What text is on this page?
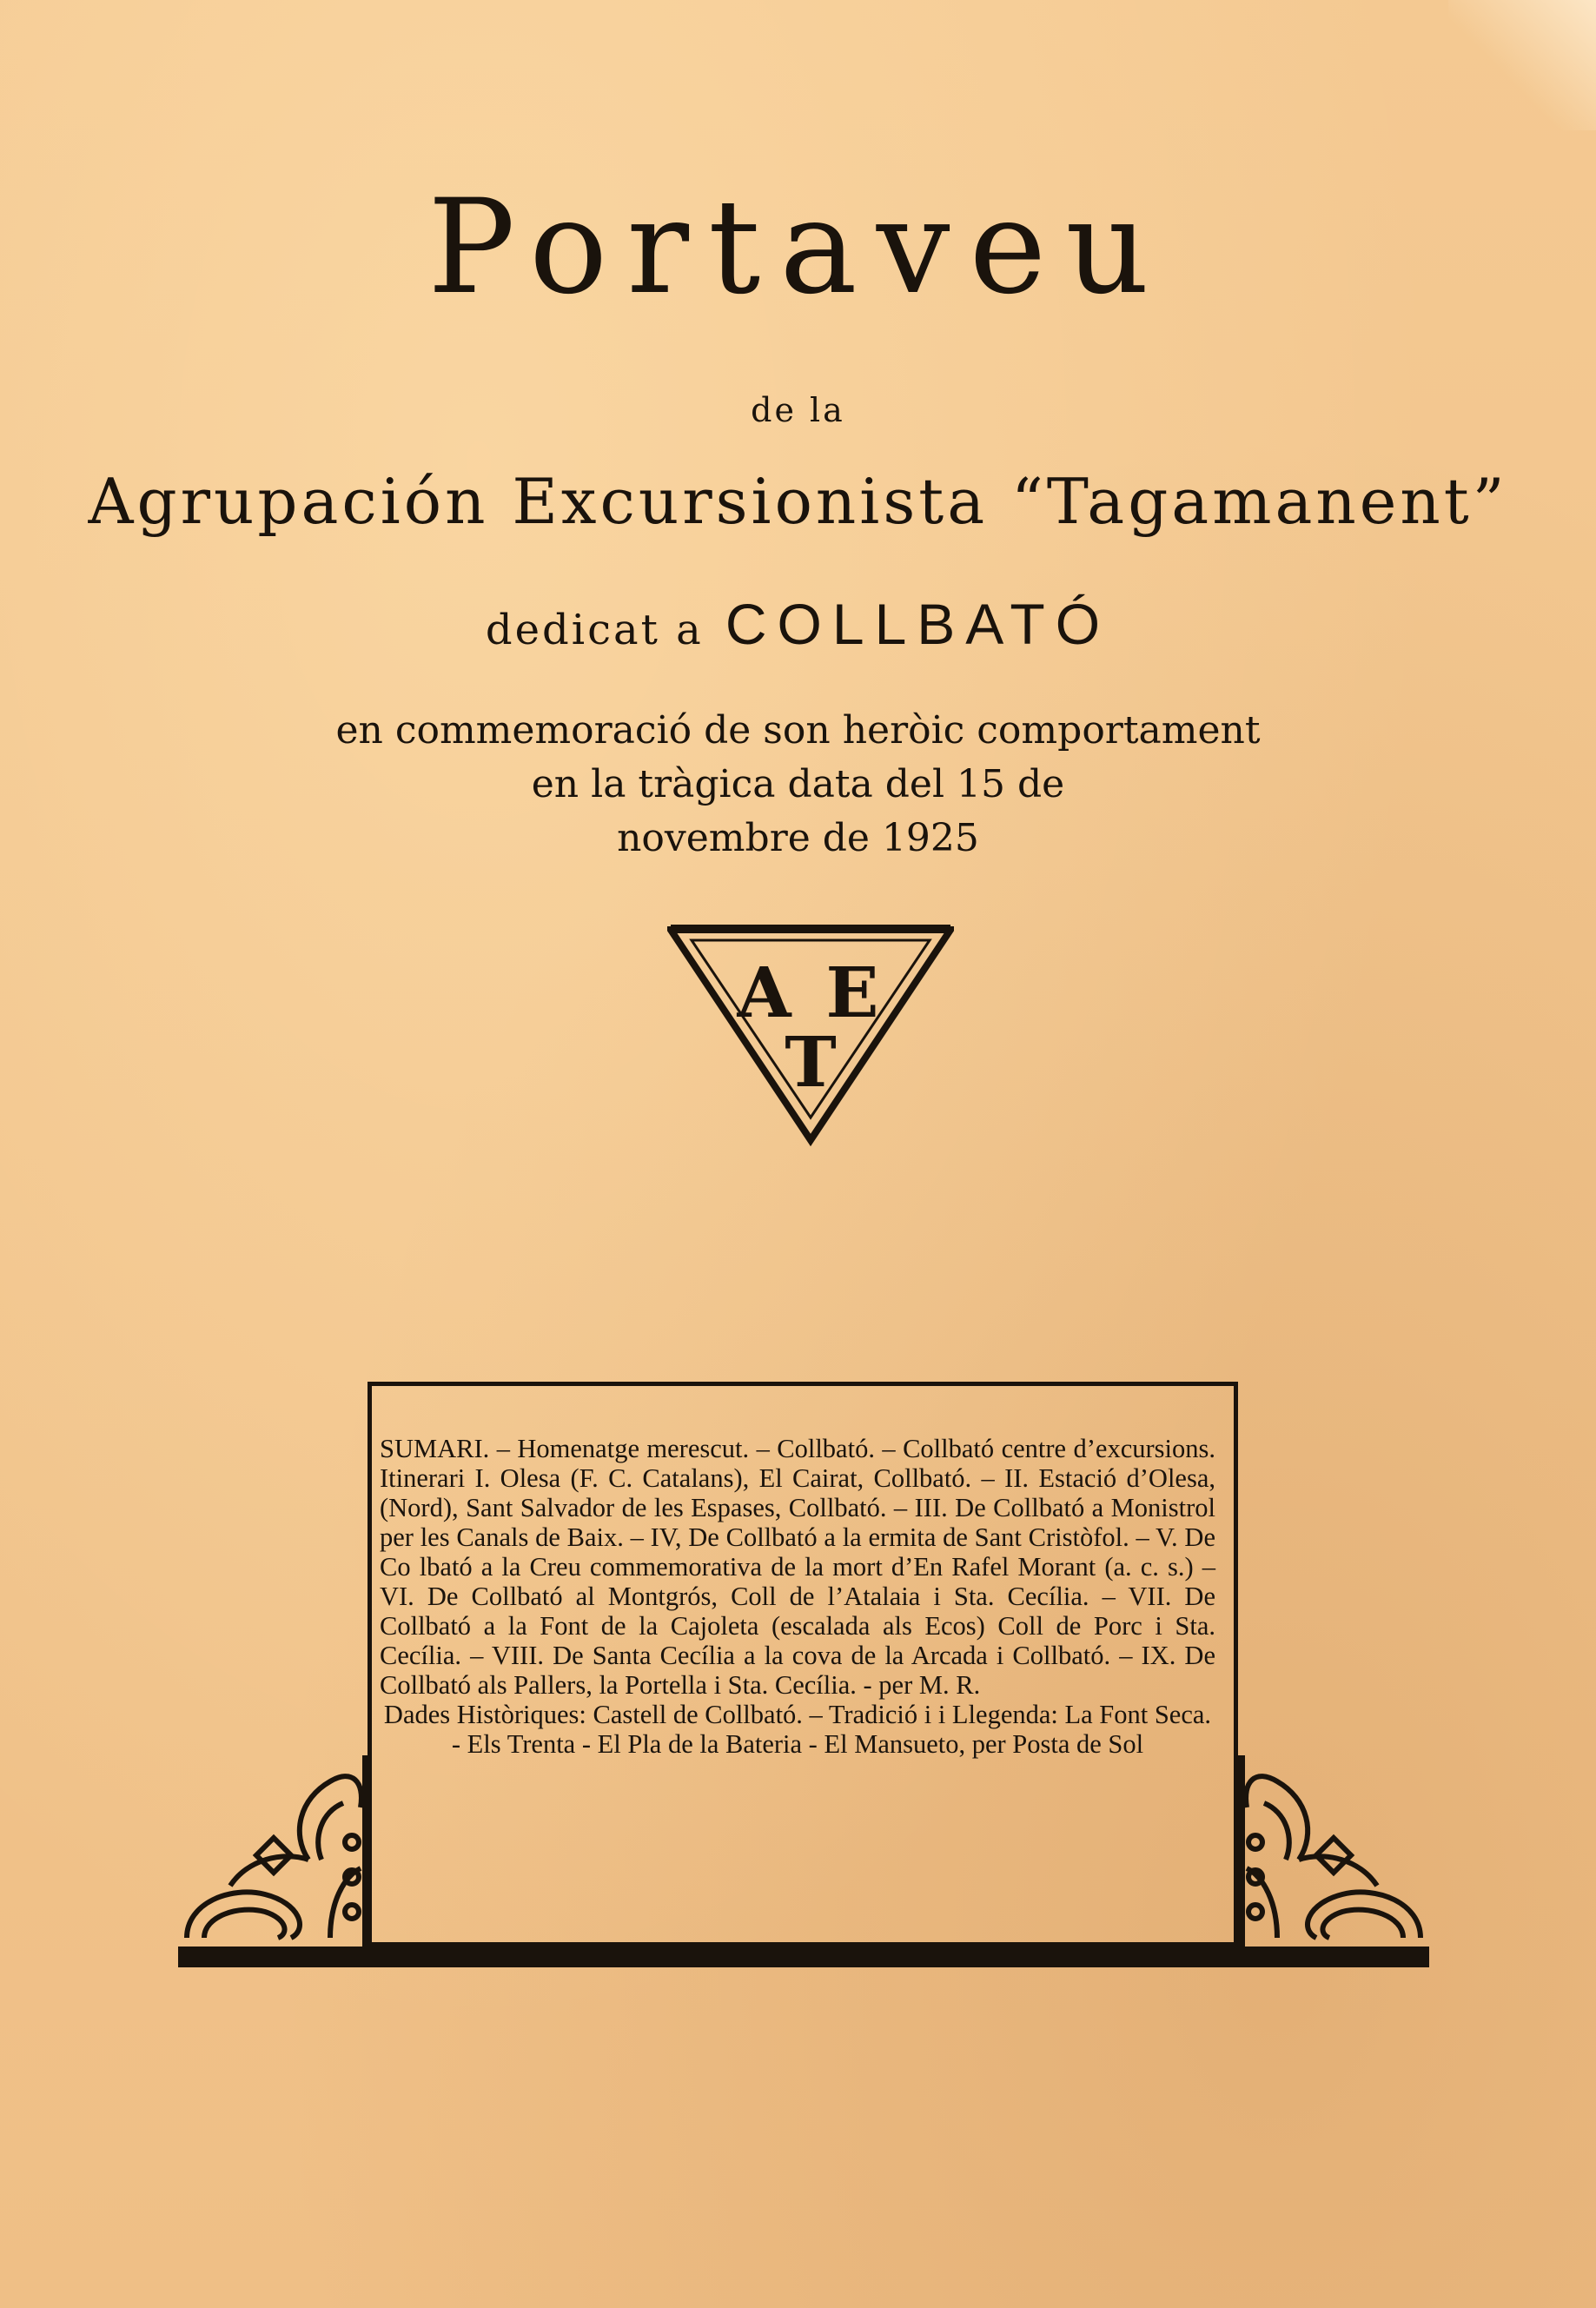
Portaveu
de la
Agrupación Excursionista “Tagamanent”
dedicat a COLLBATÓ
en commemoració de son heròic comportament
en la tràgica data del 15 de
novembre de 1925
A E
T
SUMARI. – Homenatge merescut. – Collbató. – Collbató centre d’excursions. Itinerari I. Olesa (F. C. Catalans), El Cairat, Collbató. – II. Estació d’Olesa, (Nord), Sant Salvador de les Espases, Collbató. – III. De Collbató a Monistrol per les Canals de Baix. – IV, De Collbató a la ermita de Sant Cristòfol. – V. De Co lbató a la Creu commemorativa de la mort d’En Rafel Morant (a. c. s.) – VI. De Collbató al Montgrós, Coll de l’Atalaia i Sta. Cecília. – VII. De Collbató a la Font de la Cajoleta (escalada als Ecos) Coll de Porc i Sta. Cecília. – VIII. De Santa Cecília a la cova de la Arcada i Collbató. – IX. De Collbató als Pallers, la Portella i Sta. Cecília. - per M. R.
Dades Històriques: Castell de Collbató. – Tradició i i Llegenda: La Font Seca. - Els Trenta - El Pla de la Bateria - El Mansueto, per Posta de Sol
